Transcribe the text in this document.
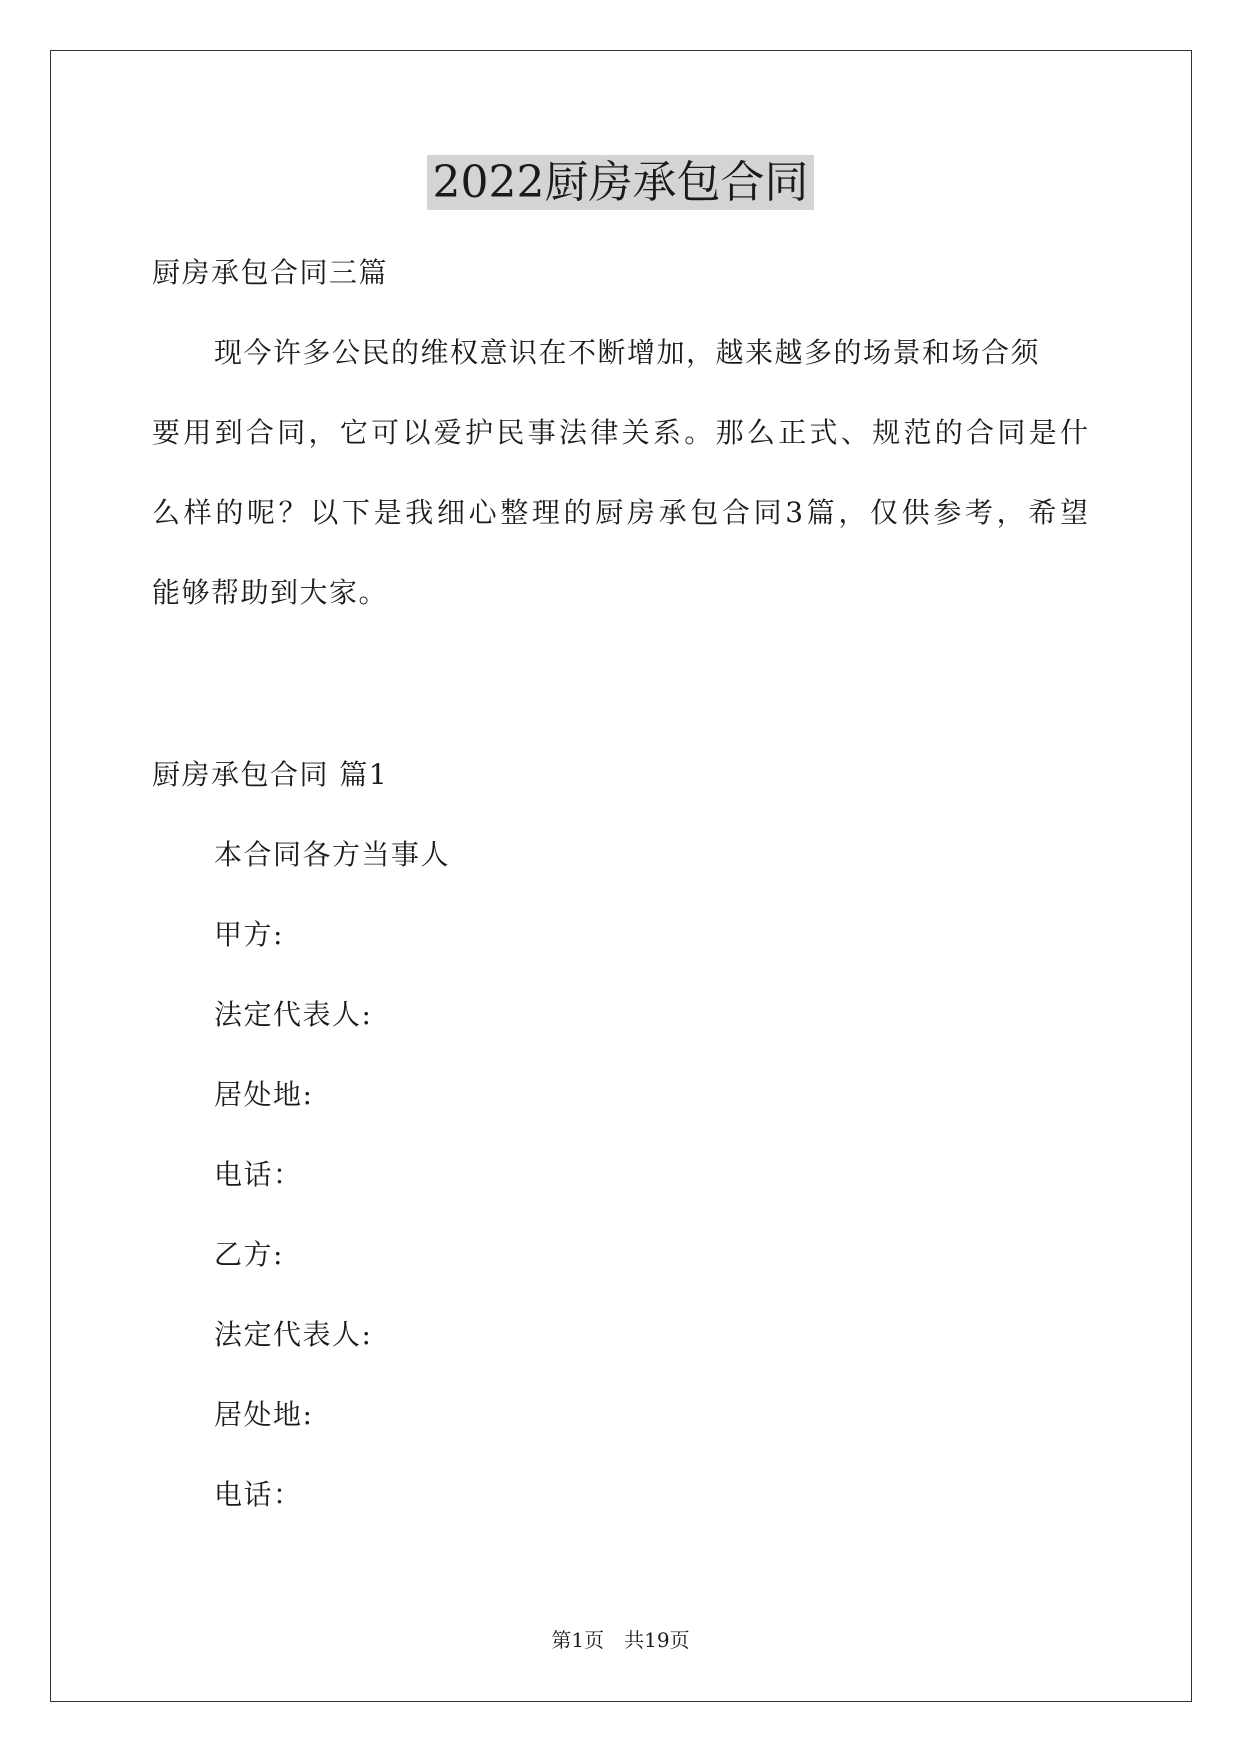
2022厨房承包合同

厨房承包合同三篇

现今许多公民的维权意识在不断增加，越来越多的场景和场合须

要用到合同，它可以爱护民事法律关系。那么正式、规范的合同是什

么样的呢？以下是我细心整理的厨房承包合同3篇，仅供参考，希望

能够帮助到大家。

厨房承包合同 篇1

本合同各方当事人

甲方:

法定代表人:

居处地:

电话：

乙方:

法定代表人:

居处地:

电话：

第1页　共19页
